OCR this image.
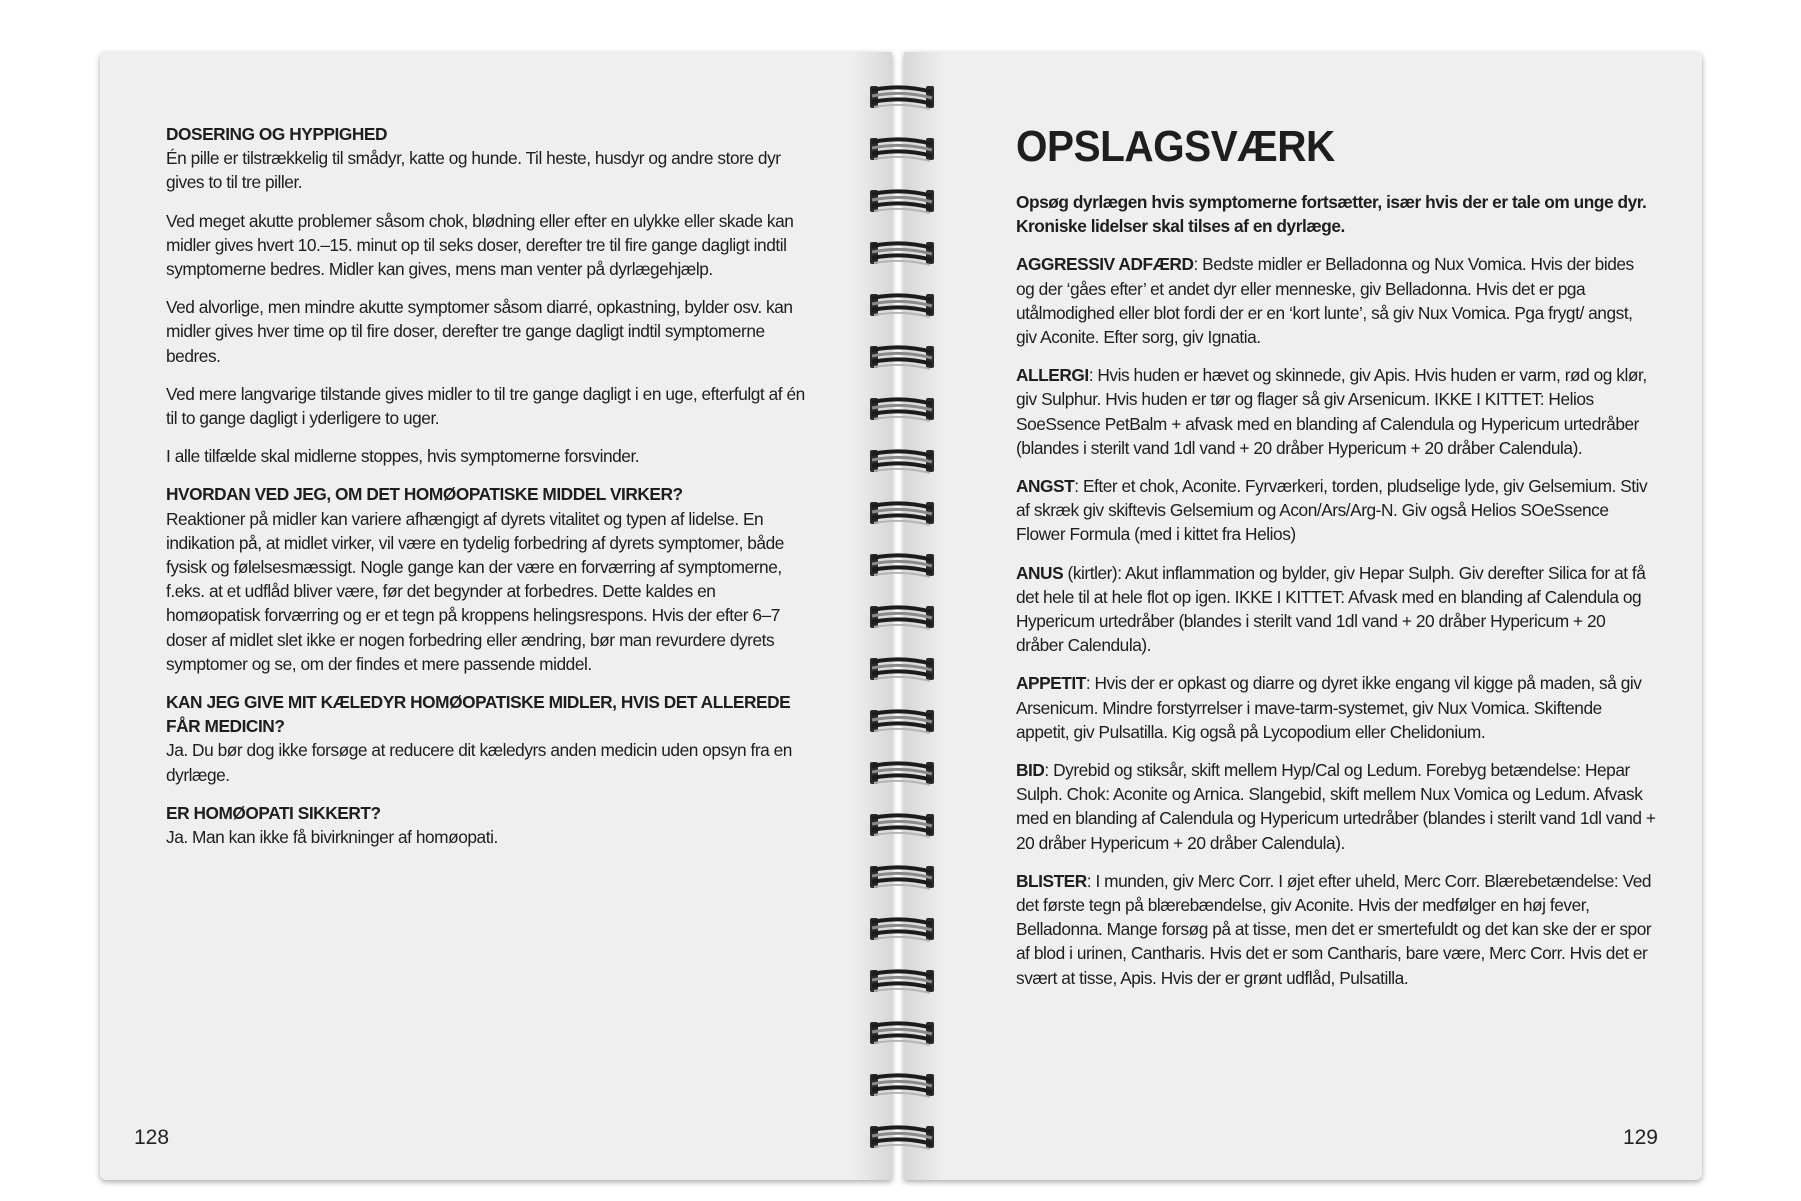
DOSERING OG HYPPIGHED
Én pille er tilstrækkelig til smådyr, katte og hunde. Til heste, husdyr og andre store dyr gives to til tre piller.

Ved meget akutte problemer såsom chok, blødning eller efter en ulykke eller skade kan midler gives hvert 10.–15. minut op til seks doser, derefter tre til fire gange dagligt indtil symptomerne bedres. Midler kan gives, mens man venter på dyrlægehjælp.

Ved alvorlige, men mindre akutte symptomer såsom diarré, opkastning, bylder osv. kan midler gives hver time op til fire doser, derefter tre gange dagligt indtil symptomerne bedres.

Ved mere langvarige tilstande gives midler to til tre gange dagligt i en uge, efterfulgt af én til to gange dagligt i yderligere to uger.

I alle tilfælde skal midlerne stoppes, hvis symptomerne forsvinder.

HVORDAN VED JEG, OM DET HOMØOPATISKE MIDDEL VIRKER?
Reaktioner på midler kan variere afhængigt af dyrets vitalitet og typen af lidelse. En indikation på, at midlet virker, vil være en tydelig forbedring af dyrets symptomer, både fysisk og følelsesmæssigt. Nogle gange kan der være en forværring af symptomerne, f.eks. at et udflåd bliver være, før det begynder at forbedres. Dette kaldes en homøopatisk forværring og er et tegn på kroppens helingsrespons. Hvis der efter 6–7 doser af midlet slet ikke er nogen forbedring eller ændring, bør man revurdere dyrets symptomer og se, om der findes et mere passende middel.

KAN JEG GIVE MIT KÆLEDYR HOMØOPATISKE MIDLER, HVIS DET ALLEREDE FÅR MEDICIN?
Ja. Du bør dog ikke forsøge at reducere dit kæledyrs anden medicin uden opsyn fra en dyrlæge.

ER HOMØOPATI SIKKERT?
Ja. Man kan ikke få bivirkninger af homøopati.

128
OPSLAGSVÆRK

Opsøg dyrlægen hvis symptomerne fortsætter, især hvis der er tale om unge dyr. Kroniske lidelser skal tilses af en dyrlæge.

AGGRESSIV ADFÆRD: Bedste midler er Belladonna og Nux Vomica. Hvis der bides og der ‘gåes efter’ et andet dyr eller menneske, giv Belladonna. Hvis det er pga utålmodighed eller blot fordi der er en ‘kort lunte’, så giv Nux Vomica. Pga frygt/ angst, giv Aconite. Efter sorg, giv Ignatia.

ALLERGI: Hvis huden er hævet og skinnede, giv Apis. Hvis huden er varm, rød og klør, giv Sulphur. Hvis huden er tør og flager så giv Arsenicum. IKKE I KITTET: Helios SoeSsence PetBalm + afvask med en blanding af Calendula og Hypericum urtedråber (blandes i sterilt vand 1dl vand + 20 dråber Hypericum + 20 dråber Calendula).

ANGST: Efter et chok, Aconite. Fyrværkeri, torden, pludselige lyde, giv Gelsemium. Stiv af skræk giv skiftevis Gelsemium og Acon/Ars/Arg-N. Giv også Helios SOeSsence Flower Formula (med i kittet fra Helios)

ANUS (kirtler): Akut inflammation og bylder, giv Hepar Sulph. Giv derefter Silica for at få det hele til at hele flot op igen. IKKE I KITTET: Afvask med en blanding af Calendula og Hypericum urtedråber (blandes i sterilt vand 1dl vand + 20 dråber Hypericum + 20 dråber Calendula).

APPETIT: Hvis der er opkast og diarre og dyret ikke engang vil kigge på maden, så giv Arsenicum. Mindre forstyrrelser i mave-tarm-systemet, giv Nux Vomica. Skiftende appetit, giv Pulsatilla. Kig også på Lycopodium eller Chelidonium.

BID: Dyrebid og stiksår, skift mellem Hyp/Cal og Ledum. Forebyg betændelse: Hepar Sulph. Chok: Aconite og Arnica. Slangebid, skift mellem Nux Vomica og Ledum. Afvask med en blanding af Calendula og Hypericum urtedråber (blandes i sterilt vand 1dl vand + 20 dråber Hypericum + 20 dråber Calendula).

BLISTER: I munden, giv Merc Corr. I øjet efter uheld, Merc Corr. Blærebetændelse: Ved det første tegn på blærebændelse, giv Aconite. Hvis der medfølger en høj fever, Belladonna. Mange forsøg på at tisse, men det er smertefuldt og det kan ske der er spor af blod i urinen, Cantharis. Hvis det er som Cantharis, bare være, Merc Corr. Hvis det er svært at tisse, Apis. Hvis der er grønt udflåd, Pulsatilla.

129
